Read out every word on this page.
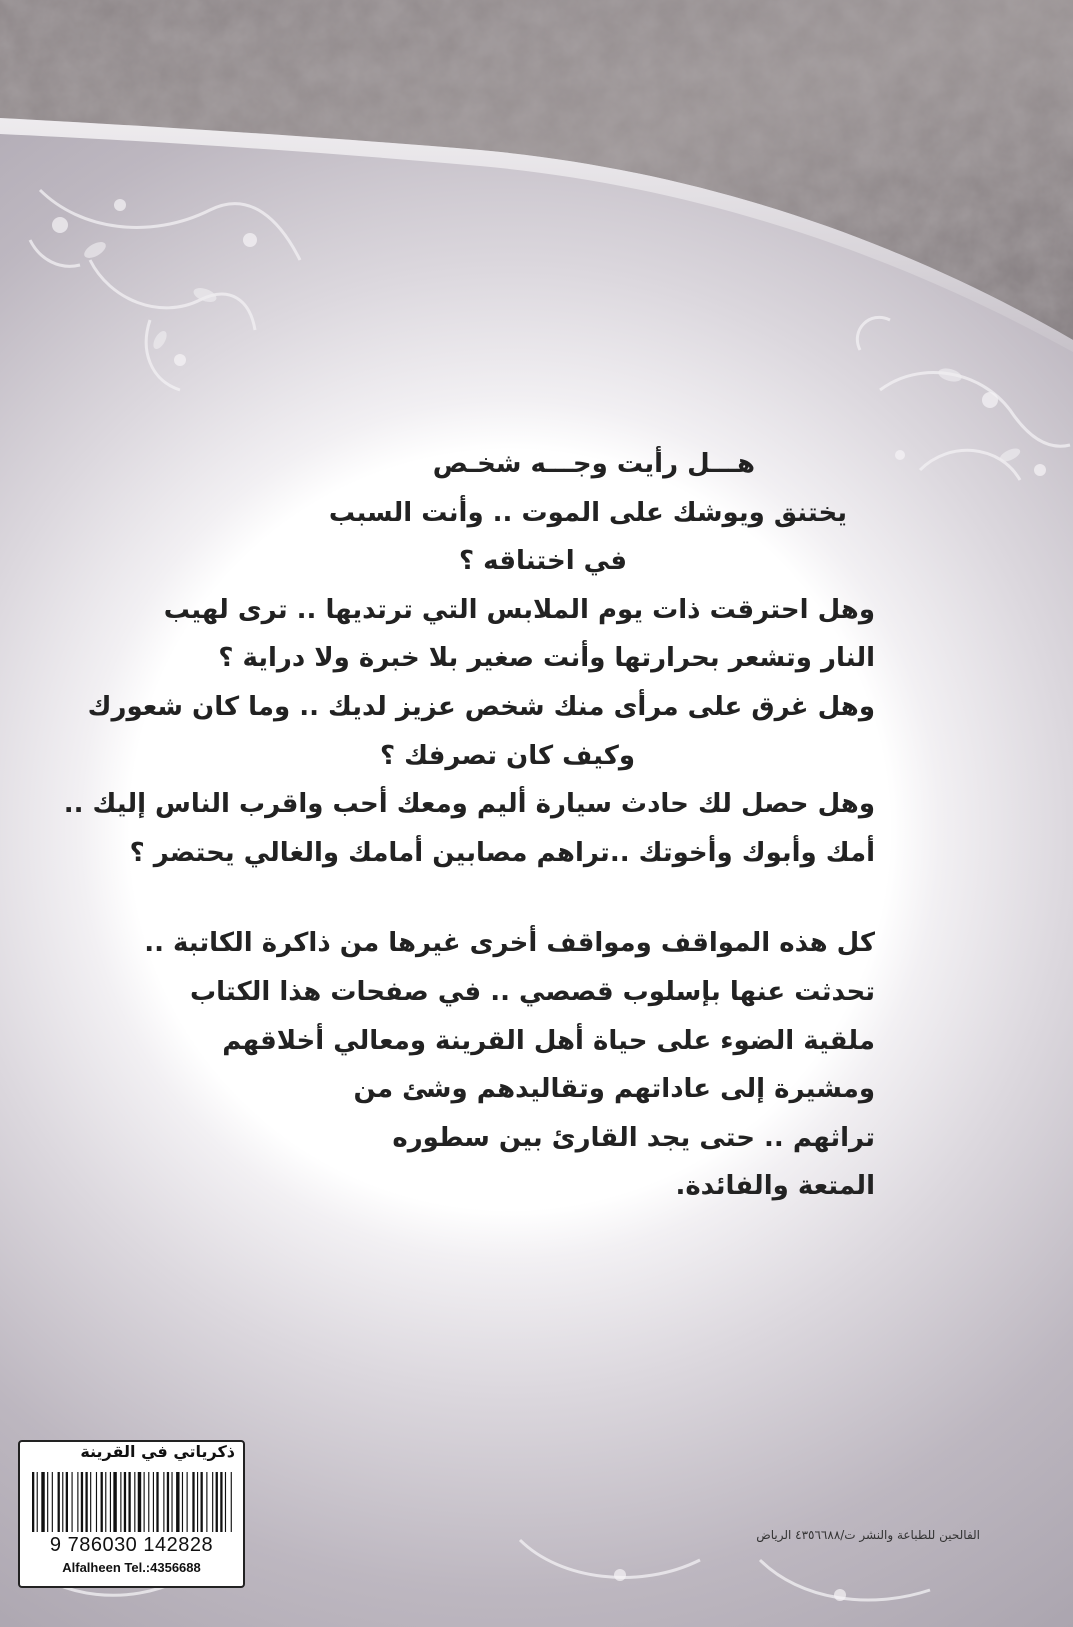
هـــل رأيت وجـــه شخـص
يختنق ويوشك على الموت .. وأنت السبب
في اختناقه ؟
وهل احترقت ذات يوم الملابس التي ترتديها .. ترى لهيب
النار وتشعر بحرارتها وأنت صغير بلا خبرة ولا دراية ؟
وهل غرق على مرأى منك شخص عزيز لديك .. وما كان شعورك
وكيف كان تصرفك ؟
وهل حصل لك حادث سيارة أليم ومعك أحب واقرب الناس إليك ..
أمك وأبوك وأخوتك ..تراهم مصابين أمامك والغالي يحتضر ؟
كل هذه المواقف ومواقف أخرى غيرها من ذاكرة الكاتبة ..
تحدثت عنها بإسلوب قصصي .. في صفحات هذا الكتاب
ملقية الضوء على حياة أهل القرينة ومعالي أخلاقهم
ومشيرة إلى عاداتهم وتقاليدهم وشئ من
تراثهم .. حتى يجد القارئ بين سطوره
المتعة والفائدة.
ذكرياتي في القرينة
9 786030 142828
Alfalheen Tel.:4356688
الفالحين للطباعة والنشر ت/٤٣٥٦٦٨٨ الرياض
